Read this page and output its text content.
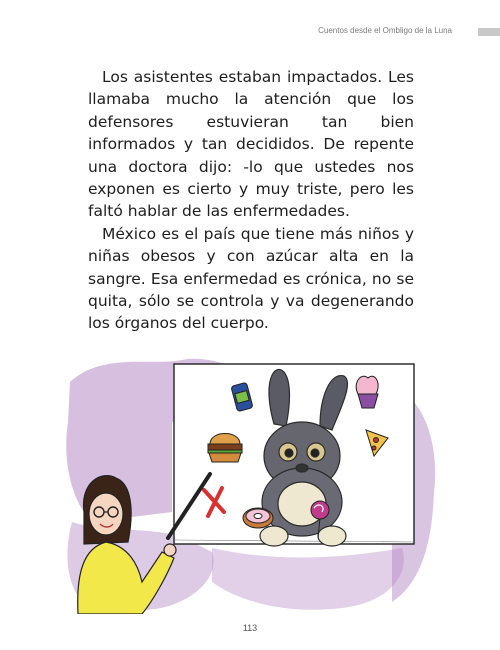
Cuentos desde el Ombligo de la Luna

Los asistentes estaban impactados. Les llamaba mucho la atención que los defensores estuvieran tan bien informados y tan decididos. De repente una doctora dijo: -lo que ustedes nos exponen es cierto y muy triste, pero les faltó hablar de las enfermedades.

México es el país que tiene más niños y niñas obesos y con azúcar alta en la sangre. Esa enfermedad es crónica, no se quita, sólo se controla y va degenerando los órganos del cuerpo.

113
